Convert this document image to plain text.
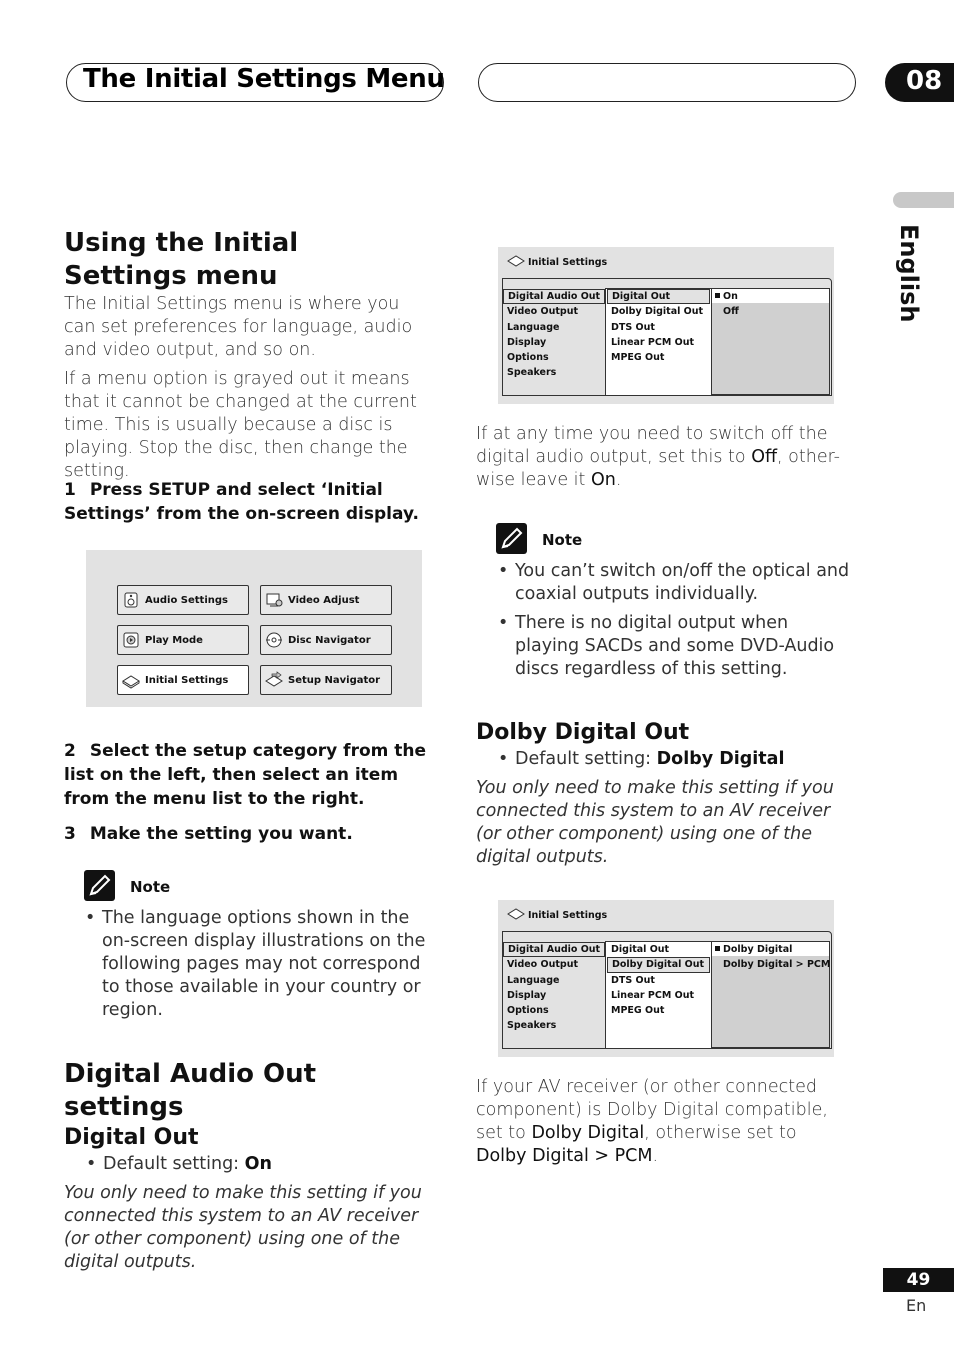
The Initial Settings Menu	08
English
Using the Initial Settings menu
The Initial Settings menu is where you can set preferences for language, audio and video output, and so on.
If a menu option is grayed out it means that it cannot be changed at the current time. This is usually because a disc is playing. Stop the disc, then change the setting.
1 Press SETUP and select ‘Initial Settings’ from the on-screen display.
Audio Settings	Video Adjust
Play Mode	Disc Navigator
Initial Settings	Setup Navigator
2 Select the setup category from the list on the left, then select an item from the menu list to the right.
3 Make the setting you want.
Note
• The language options shown in the on-screen display illustrations on the following pages may not correspond to those available in your country or region.
Digital Audio Out settings
Digital Out
• Default setting: On
You only need to make this setting if you connected this system to an AV receiver (or other component) using one of the digital outputs.
Initial Settings
Digital Audio Out
Video Output
Language
Display
Options
Speakers
Digital Out
Dolby Digital Out
DTS Out
Linear PCM Out
MPEG Out
On
Off
If at any time you need to switch off the digital audio output, set this to Off, other-wise leave it On.
Note
• You can’t switch on/off the optical and coaxial outputs individually.
• There is no digital output when playing SACDs and some DVD-Audio discs regardless of this setting.
Dolby Digital Out
• Default setting: Dolby Digital
You only need to make this setting if you connected this system to an AV receiver (or other component) using one of the digital outputs.
Initial Settings
Digital Audio Out
Video Output
Language
Display
Options
Speakers
Digital Out
Dolby Digital Out
DTS Out
Linear PCM Out
MPEG Out
Dolby Digital
Dolby Digital > PCM
If your AV receiver (or other connected component) is Dolby Digital compatible, set to Dolby Digital, otherwise set to Dolby Digital > PCM.
49
En
